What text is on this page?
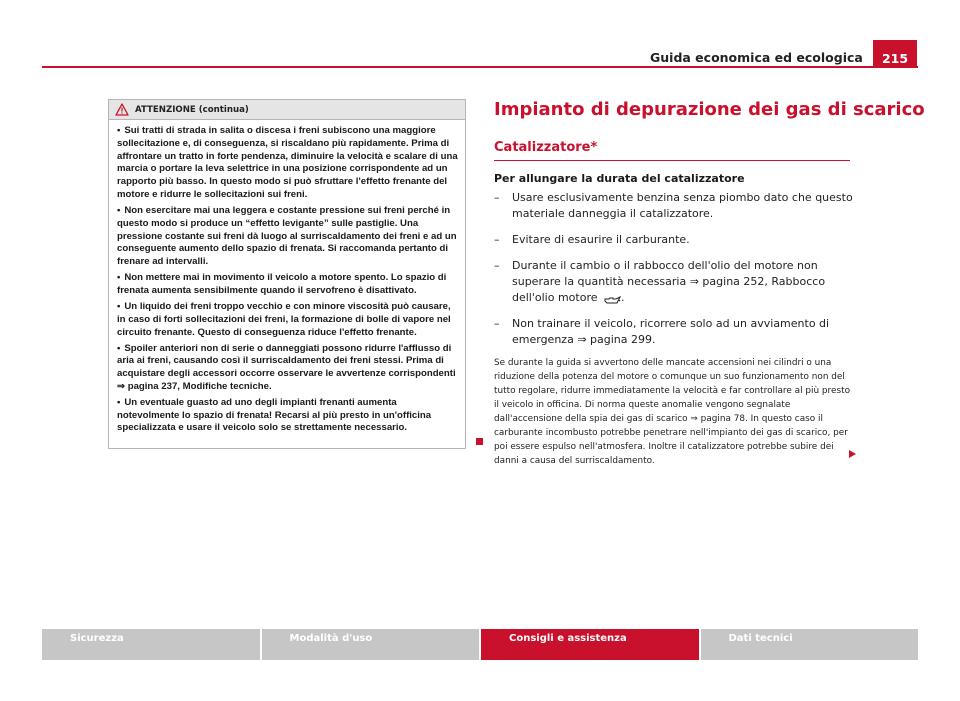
Guida economica ed ecologica	215
ATTENZIONE (continua)

• Sui tratti di strada in salita o discesa i freni subiscono una maggiore sollecitazione e, di conseguenza, si riscaldano più rapidamente. Prima di affrontare un tratto in forte pendenza, diminuire la velocità e scalare di una marcia o portare la leva selettrice in una posizione corrispondente ad un rapporto più basso. In questo modo si può sfruttare l'effetto frenante del motore e ridurre le sollecitazioni sui freni.

• Non esercitare mai una leggera e costante pressione sui freni perché in questo modo si produce un “effetto levigante” sulle pastiglie. Una pressione costante sui freni dà luogo al surriscaldamento dei freni e ad un conseguente aumento dello spazio di frenata. Si raccomanda pertanto di frenare ad intervalli.

• Non mettere mai in movimento il veicolo a motore spento. Lo spazio di frenata aumenta sensibilmente quando il servofreno è disattivato.

• Un liquido dei freni troppo vecchio e con minore viscosità può causare, in caso di forti sollecitazioni dei freni, la formazione di bolle di vapore nel circuito frenante. Questo di conseguenza riduce l'effetto frenante.

• Spoiler anteriori non di serie o danneggiati possono ridurre l'afflusso di aria ai freni, causando così il surriscaldamento dei freni stessi. Prima di acquistare degli accessori occorre osservare le avvertenze corrispondenti ⇒ pagina 237, Modifiche tecniche.

• Un eventuale guasto ad uno degli impianti frenanti aumenta notevolmente lo spazio di frenata! Recarsi al più presto in un'officina specializzata e usare il veicolo solo se strettamente necessario.

Impianto di depurazione dei gas di scarico
Catalizzatore*
Per allungare la durata del catalizzatore
– Usare esclusivamente benzina senza piombo dato che questo materiale danneggia il catalizzatore.
– Evitare di esaurire il carburante.
– Durante il cambio o il rabbocco dell'olio del motore non superare la quantità necessaria ⇒ pagina 252, Rabbocco dell'olio motore .
– Non trainare il veicolo, ricorrere solo ad un avviamento di emergenza ⇒ pagina 299.
Se durante la guida si avvertono delle mancate accensioni nei cilindri o una riduzione della potenza del motore o comunque un suo funzionamento non del tutto regolare, ridurre immediatamente la velocità e far controllare al più presto il veicolo in officina. Di norma queste anomalie vengono segnalate dall'accensione della spia dei gas di scarico ⇒ pagina 78. In questo caso il carburante incombusto potrebbe penetrare nell'impianto dei gas di scarico, per poi essere espulso nell'atmosfera. Inoltre il catalizzatore potrebbe subire dei danni a causa del surriscaldamento.
Sicurezza	Modalità d'uso	Consigli e assistenza	Dati tecnici
